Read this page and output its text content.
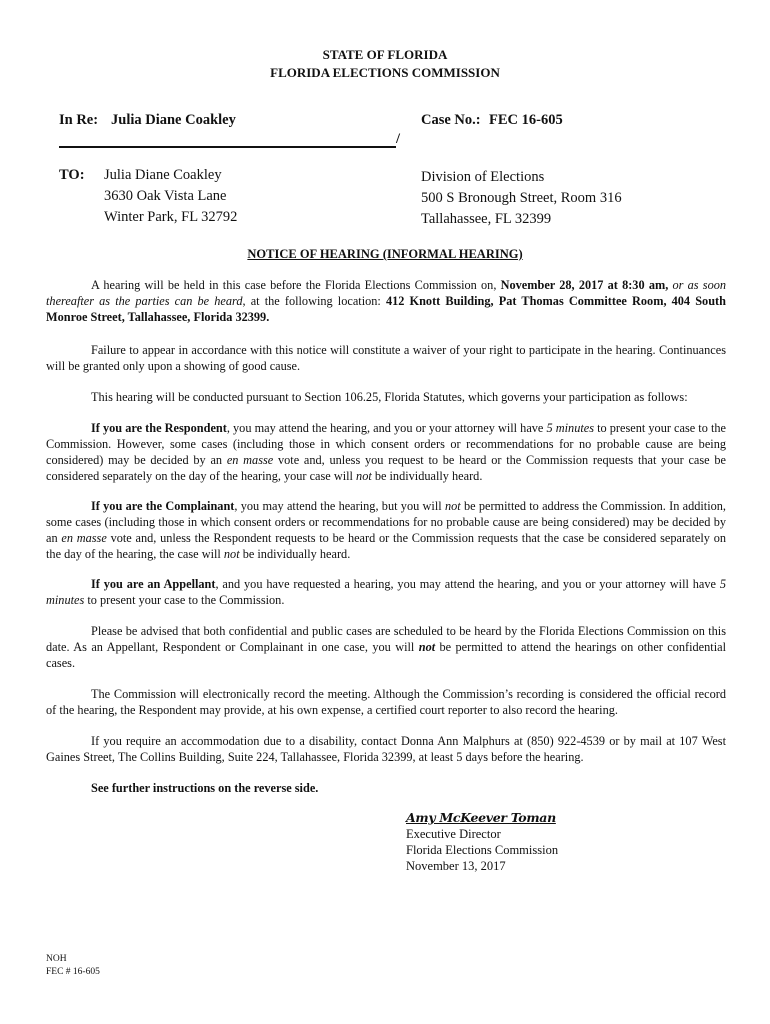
STATE OF FLORIDA
FLORIDA ELECTIONS COMMISSION
In Re: Julia Diane Coakley	Case No.: FEC 16-605
/
TO: Julia Diane Coakley
3630 Oak Vista Lane
Winter Park, FL 32792
Division of Elections
500 S Bronough Street, Room 316
Tallahassee, FL 32399
NOTICE OF HEARING (INFORMAL HEARING)
A hearing will be held in this case before the Florida Elections Commission on, November 28, 2017 at 8:30 am, or as soon thereafter as the parties can be heard, at the following location: 412 Knott Building, Pat Thomas Committee Room, 404 South Monroe Street, Tallahassee, Florida 32399.
Failure to appear in accordance with this notice will constitute a waiver of your right to participate in the hearing. Continuances will be granted only upon a showing of good cause.
This hearing will be conducted pursuant to Section 106.25, Florida Statutes, which governs your participation as follows:
If you are the Respondent, you may attend the hearing, and you or your attorney will have 5 minutes to present your case to the Commission. However, some cases (including those in which consent orders or recommendations for no probable cause are being considered) may be decided by an en masse vote and, unless you request to be heard or the Commission requests that your case be considered separately on the day of the hearing, your case will not be individually heard.
If you are the Complainant, you may attend the hearing, but you will not be permitted to address the Commission. In addition, some cases (including those in which consent orders or recommendations for no probable cause are being considered) may be decided by an en masse vote and, unless the Respondent requests to be heard or the Commission requests that the case be considered separately on the day of the hearing, the case will not be individually heard.
If you are an Appellant, and you have requested a hearing, you may attend the hearing, and you or your attorney will have 5 minutes to present your case to the Commission.
Please be advised that both confidential and public cases are scheduled to be heard by the Florida Elections Commission on this date. As an Appellant, Respondent or Complainant in one case, you will not be permitted to attend the hearings on other confidential cases.
The Commission will electronically record the meeting. Although the Commission’s recording is considered the official record of the hearing, the Respondent may provide, at his own expense, a certified court reporter to also record the hearing.
If you require an accommodation due to a disability, contact Donna Ann Malphurs at (850) 922-4539 or by mail at 107 West Gaines Street, The Collins Building, Suite 224, Tallahassee, Florida 32399, at least 5 days before the hearing.
See further instructions on the reverse side.
Amy McKeever Toman
Executive Director
Florida Elections Commission
November 13, 2017
NOH
FEC # 16-605
